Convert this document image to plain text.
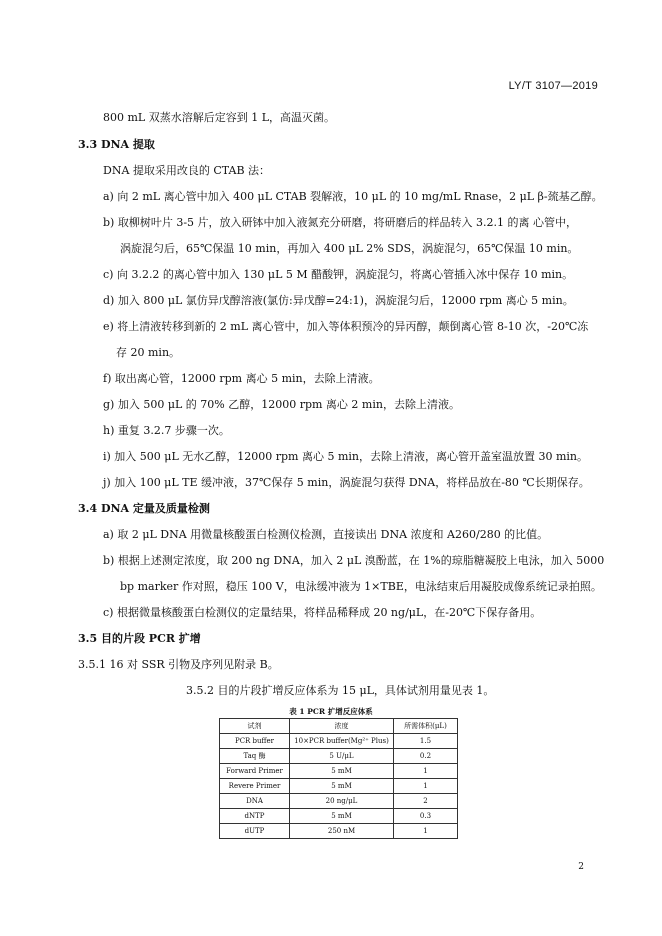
LY/T 3107—2019
800 mL 双蒸水溶解后定容到 1 L，高温灭菌。
3.3 DNA 提取
DNA 提取采用改良的 CTAB 法：
a) 向 2 mL 离心管中加入 400 μL CTAB 裂解液，10 μL 的 10 mg/mL Rnase，2 μL β-巯基乙醇。
b) 取柳树叶片 3-5 片，放入研钵中加入液氮充分研磨，将研磨后的样品转入 3.2.1 的离 心管中，
涡旋混匀后，65℃保温 10 min，再加入 400 μL 2% SDS，涡旋混匀，65℃保温 10 min。
c) 向 3.2.2 的离心管中加入 130 μL 5 M 醋酸钾，涡旋混匀，将离心管插入冰中保存 10 min。
d) 加入 800 μL 氯仿异戊醇溶液(氯仿:异戊醇=24:1)，涡旋混匀后，12000 rpm 离心 5 min。
e) 将上清液转移到新的 2 mL 离心管中，加入等体积预冷的异丙醇，颠倒离心管 8-10 次，-20℃冻
存 20 min。
f) 取出离心管，12000 rpm 离心 5 min，去除上清液。
g) 加入 500 μL 的 70% 乙醇，12000 rpm 离心 2 min，去除上清液。
h) 重复 3.2.7 步骤一次。
i) 加入 500 μL 无水乙醇，12000 rpm 离心 5 min，去除上清液，离心管开盖室温放置 30 min。
j) 加入 100 μL TE 缓冲液，37℃保存 5 min，涡旋混匀获得 DNA，将样品放在-80 ℃长期保存。
3.4 DNA 定量及质量检测
a) 取 2 μL DNA 用微量核酸蛋白检测仪检测，直接读出 DNA 浓度和 A260/280 的比值。
b) 根据上述测定浓度，取 200 ng DNA，加入 2 μL 溴酚蓝，在 1%的琼脂糖凝胶上电泳，加入 5000
bp marker 作对照，稳压 100 V，电泳缓冲液为 1×TBE，电泳结束后用凝胶成像系统记录拍照。
c) 根据微量核酸蛋白检测仪的定量结果，将样品稀释成 20 ng/μL，在-20℃下保存备用。
3.5 目的片段 PCR 扩增
3.5.1 16 对 SSR 引物及序列见附录 B。
3.5.2 目的片段扩增反应体系为 15 μL，具体试剂用量见表 1。
表 1 PCR 扩增反应体系
试剂	浓度	所需体积(μL)
PCR buffer	10×PCR buffer(Mg²⁺ Plus)	1.5
Taq 酶	5 U/μL	0.2
Forward Primer	5 mM	1
Revere Primer	5 mM	1
DNA	20 ng/μL	2
dNTP	5 mM	0.3
dUTP	250 nM	1
2
